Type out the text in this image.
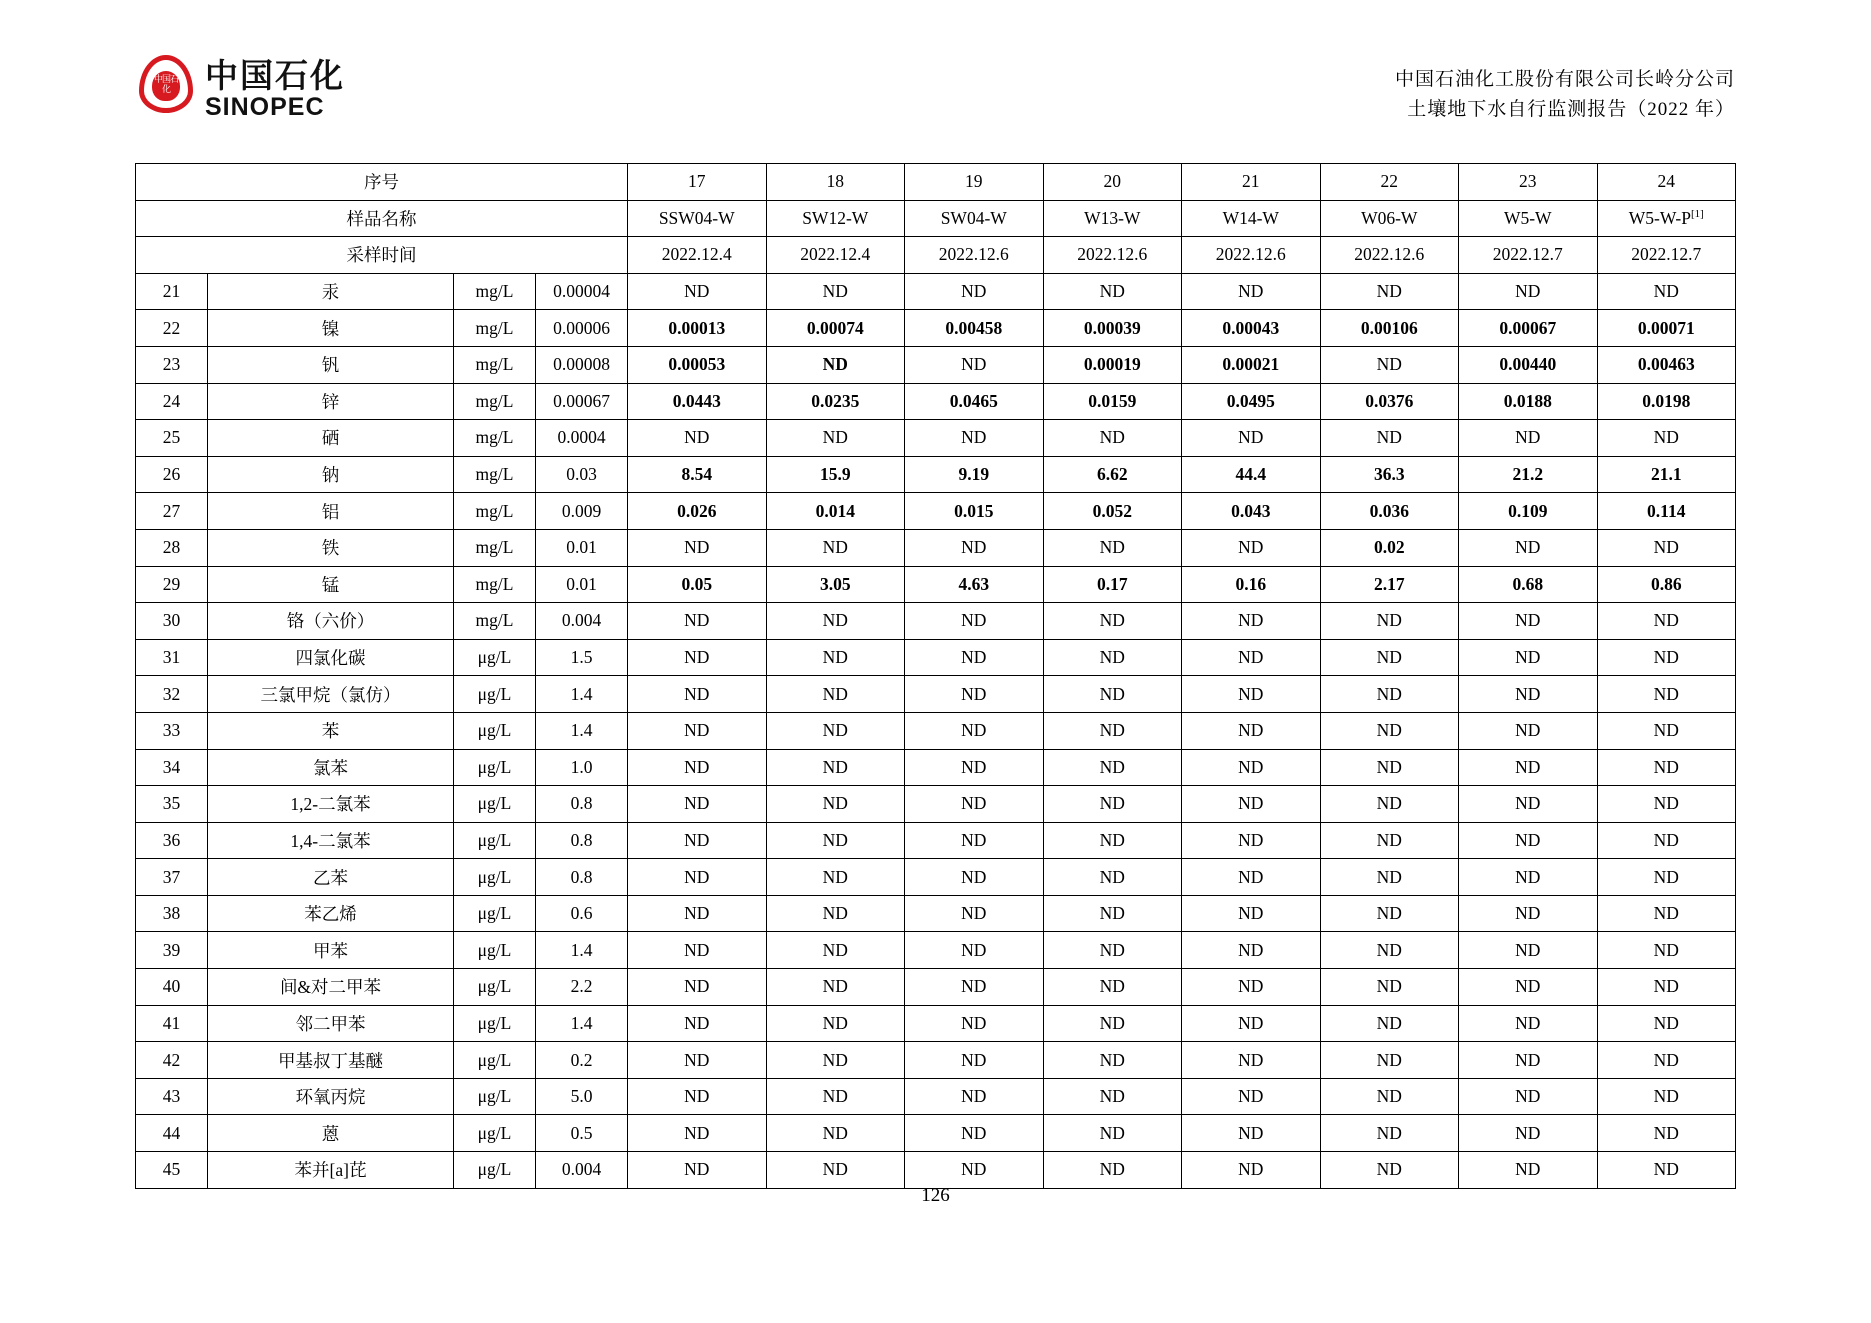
中国石化	中国石化
SINOPEC
中国石油化工股份有限公司长岭分公司
土壤地下水自行监测报告（2022 年）
序号				17	18	19	20	21	22	23	24
样品名称				SSW04-W	SW12-W	SW04-W	W13-W	W14-W	W06-W	W5-W	W5-W-P[1]
采样时间				2022.12.4	2022.12.4	2022.12.6	2022.12.6	2022.12.6	2022.12.6	2022.12.7	2022.12.7
21	汞	mg/L	0.00004	ND	ND	ND	ND	ND	ND	ND	ND
22	镍	mg/L	0.00006	0.00013	0.00074	0.00458	0.00039	0.00043	0.00106	0.00067	0.00071
23	钒	mg/L	0.00008	0.00053	ND	ND	0.00019	0.00021	ND	0.00440	0.00463
24	锌	mg/L	0.00067	0.0443	0.0235	0.0465	0.0159	0.0495	0.0376	0.0188	0.0198
25	硒	mg/L	0.0004	ND	ND	ND	ND	ND	ND	ND	ND
26	钠	mg/L	0.03	8.54	15.9	9.19	6.62	44.4	36.3	21.2	21.1
27	铝	mg/L	0.009	0.026	0.014	0.015	0.052	0.043	0.036	0.109	0.114
28	铁	mg/L	0.01	ND	ND	ND	ND	ND	0.02	ND	ND
29	锰	mg/L	0.01	0.05	3.05	4.63	0.17	0.16	2.17	0.68	0.86
30	铬（六价）	mg/L	0.004	ND	ND	ND	ND	ND	ND	ND	ND
31	四氯化碳	μg/L	1.5	ND	ND	ND	ND	ND	ND	ND	ND
32	三氯甲烷（氯仿）	μg/L	1.4	ND	ND	ND	ND	ND	ND	ND	ND
33	苯	μg/L	1.4	ND	ND	ND	ND	ND	ND	ND	ND
34	氯苯	μg/L	1.0	ND	ND	ND	ND	ND	ND	ND	ND
35	1,2-二氯苯	μg/L	0.8	ND	ND	ND	ND	ND	ND	ND	ND
36	1,4-二氯苯	μg/L	0.8	ND	ND	ND	ND	ND	ND	ND	ND
37	乙苯	μg/L	0.8	ND	ND	ND	ND	ND	ND	ND	ND
38	苯乙烯	μg/L	0.6	ND	ND	ND	ND	ND	ND	ND	ND
39	甲苯	μg/L	1.4	ND	ND	ND	ND	ND	ND	ND	ND
40	间&对二甲苯	μg/L	2.2	ND	ND	ND	ND	ND	ND	ND	ND
41	邻二甲苯	μg/L	1.4	ND	ND	ND	ND	ND	ND	ND	ND
42	甲基叔丁基醚	μg/L	0.2	ND	ND	ND	ND	ND	ND	ND	ND
43	环氧丙烷	μg/L	5.0	ND	ND	ND	ND	ND	ND	ND	ND
44	蒽	μg/L	0.5	ND	ND	ND	ND	ND	ND	ND	ND
45	苯并[a]芘	μg/L	0.004	ND	ND	ND	ND	ND	ND	ND	ND
126
